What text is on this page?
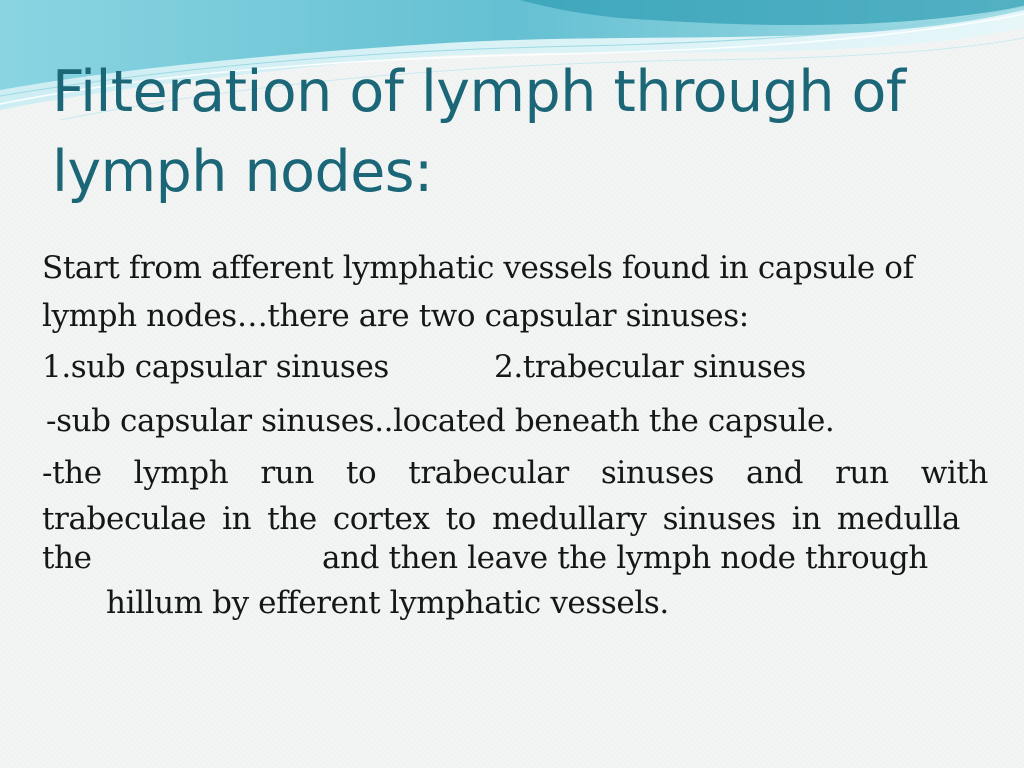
Filteration of lymph through of lymph nodes:

Start from afferent lymphatic vessels found in capsule of

lymph nodes…there are two capsular sinuses:

1.sub capsular sinuses	2.trabecular sinuses

-sub capsular sinuses..located beneath the capsule.

-the lymph run to trabecular sinuses and run with

trabeculae in the cortex to medullary sinuses in medulla

the	and then leave the lymph node through

hillum by efferent lymphatic vessels.
